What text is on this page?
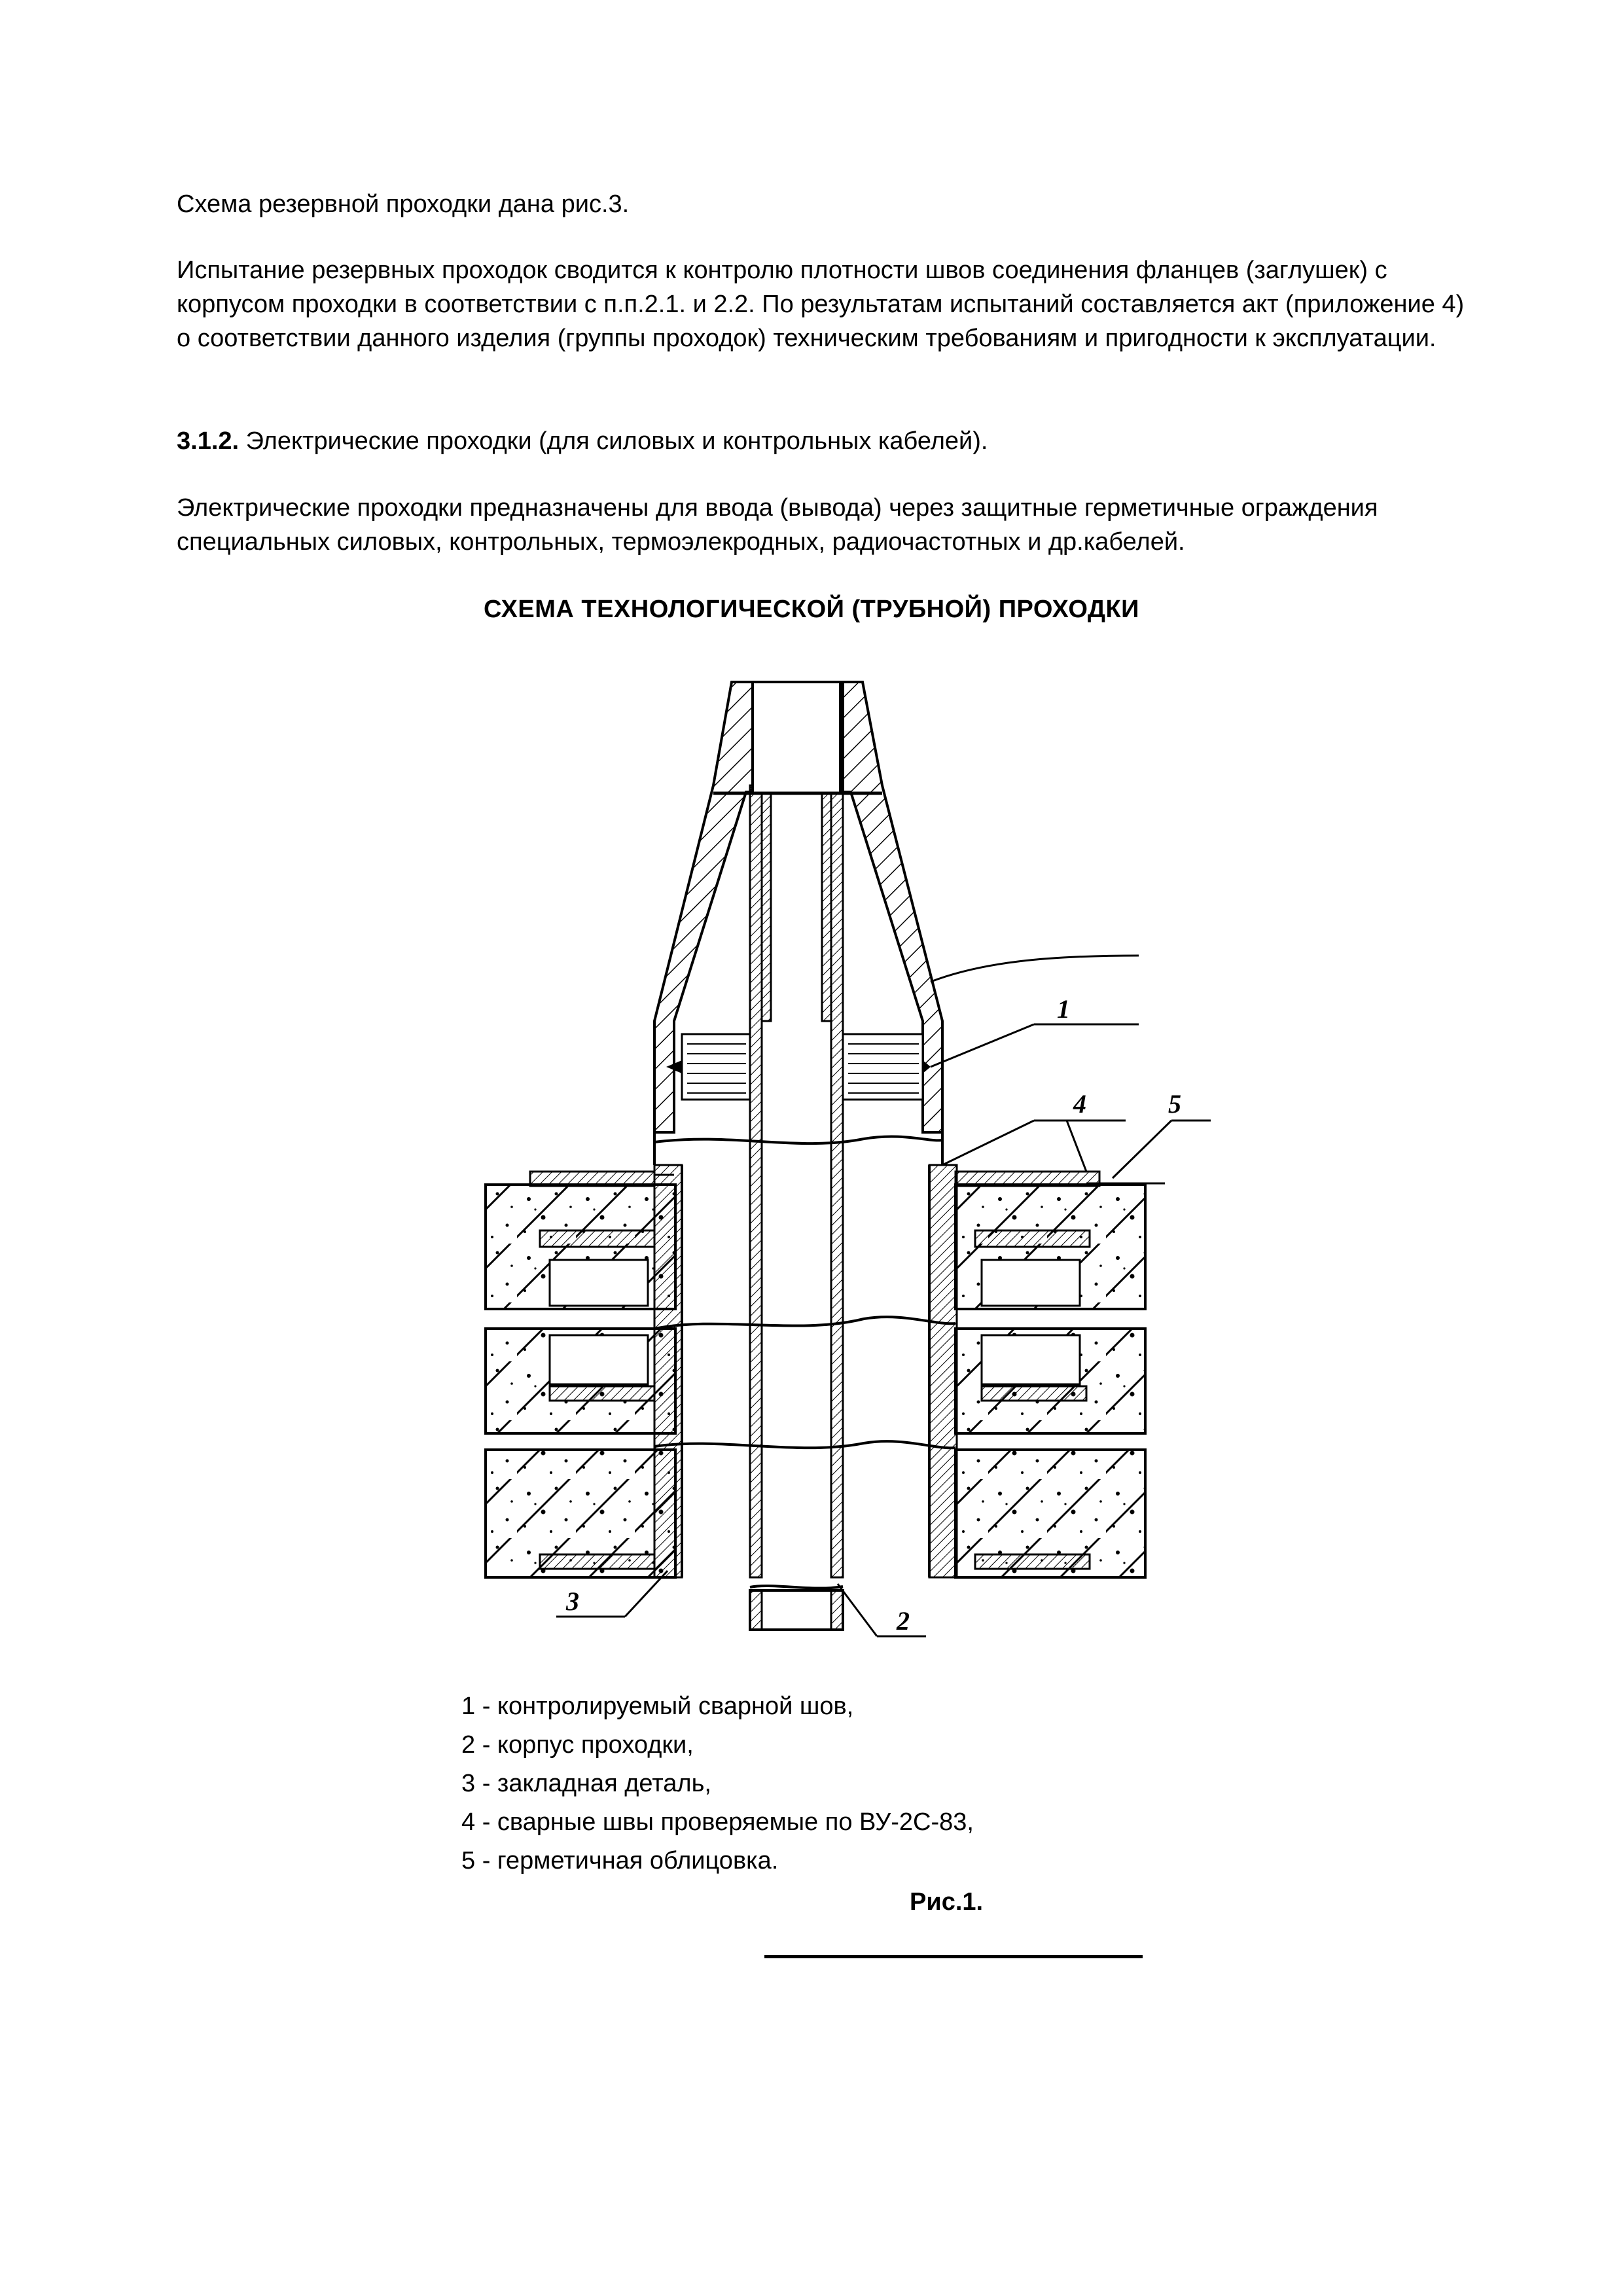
Схема резервной проходки дана рис.3.

Испытание резервных проходок сводится к контролю плотности швов соединения фланцев (заглушек) с корпусом проходки в соответствии с п.п.2.1. и 2.2. По результатам испытаний составляется акт (приложение 4) о соответствии данного изделия (группы проходок) техническим требованиям и пригодности к эксплуатации.

3.1.2. Электрические проходки (для силовых и контрольных кабелей).

Электрические проходки предназначены для ввода (вывода) через защитные герметичные ограждения специальных силовых, контрольных, термоэлекродных, радиочастотных и др.кабелей.

СХЕМА ТЕХНОЛОГИЧЕСКОЙ (ТРУБНОЙ) ПРОХОДКИ
1
4	5
3
2
1 - контролируемый сварной шов,
2 - корпус проходки,
3 - закладная деталь,
4 - сварные швы проверяемые по ВУ-2С-83,
5 - герметичная облицовка.
Рис.1.
